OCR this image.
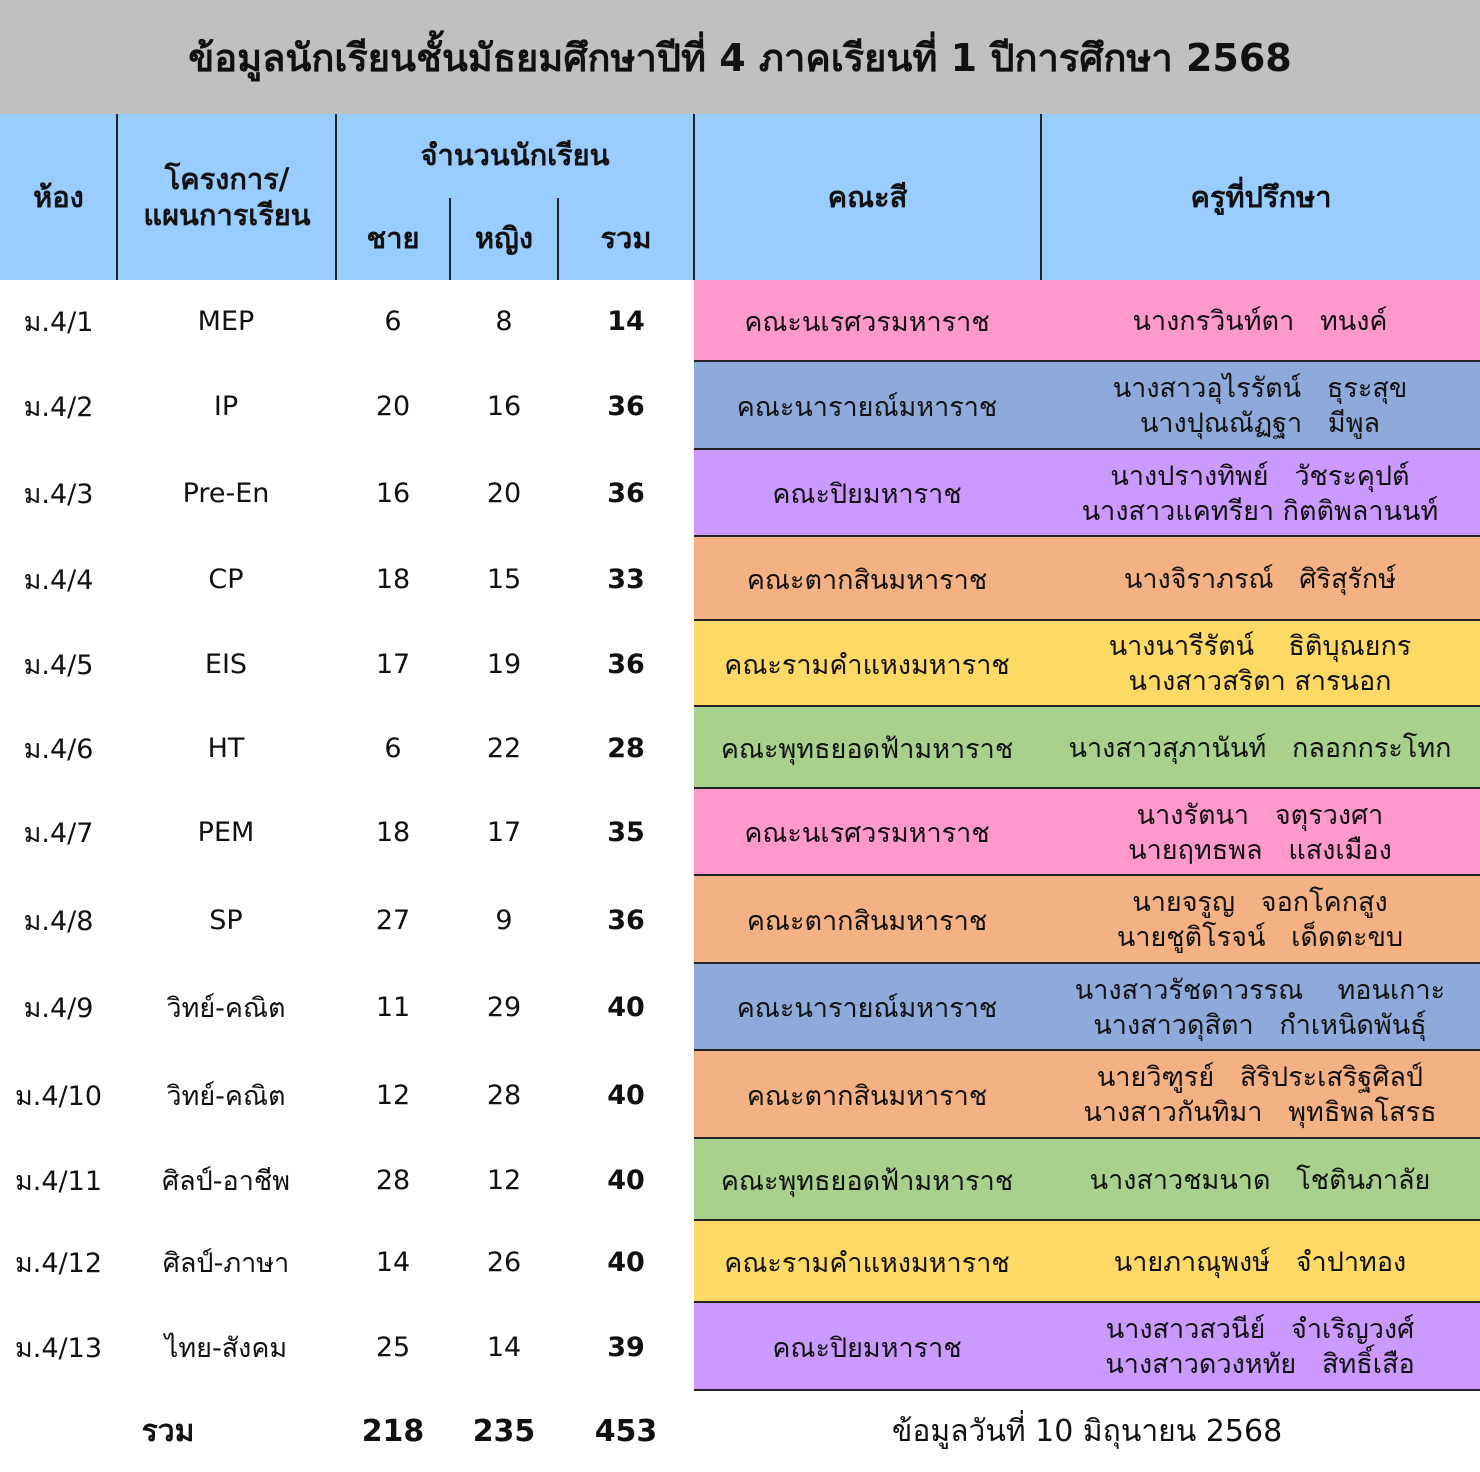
ข้อมูลนักเรียนชั้นมัธยมศึกษาปีที่ 4 ภาคเรียนที่ 1 ปีการศึกษา 2568
ห้อง
โครงการ/
แผนการเรียน
จำนวนนักเรียน
ชาย	หญิง	รวม
คณะสี	ครูที่ปรึกษา
ม.4/1	MEP	6	8	14	คณะนเรศวรมหาราช	นางกรวินท์ตา   ทนงค์
ม.4/2	IP	20	16	36	คณะนารายณ์มหาราช
นางสาวอุไรรัตน์   ธุระสุข
นางปุณณัฏฐา   มีพูล
ม.4/3	Pre-En	16	20	36	คณะปิยมหาราช
นางปรางทิพย์   วัชระคุปต์
นางสาวแคทรียา กิตติพลานนท์
ม.4/4	CP	18	15	33	คณะตากสินมหาราช	นางจิราภรณ์   ศิริสุรักษ์
ม.4/5	EIS	17	19	36	คณะรามคำแหงมหาราช
นางนารีรัตน์    ธิติบุณยกร
นางสาวสริตา สารนอก
ม.4/6	HT	6	22	28	คณะพุทธยอดฟ้ามหาราช	นางสาวสุภานันท์   กลอกกระโทก
ม.4/7	PEM	18	17	35	คณะนเรศวรมหาราช
นางรัตนา   จตุรวงศา
นายฤทธพล   แสงเมือง
ม.4/8	SP	27	9	36	คณะตากสินมหาราช
นายจรูญ   จอกโคกสูง
นายชูติโรจน์   เด็ดตะขบ
ม.4/9	วิทย์-คณิต	11	29	40	คณะนารายณ์มหาราช
นางสาวรัชดาวรรณ    ทอนเกาะ
นางสาวดุสิตา   กำเหนิดพันธุ์
ม.4/10	วิทย์-คณิต	12	28	40	คณะตากสินมหาราช
นายวิฑูรย์   สิริประเสริฐศิลป์
นางสาวกันทิมา   พุทธิพลโสรธ
ม.4/11	ศิลป์-อาชีพ	28	12	40	คณะพุทธยอดฟ้ามหาราช	นางสาวชมนาด   โชตินภาลัย
ม.4/12	ศิลป์-ภาษา	14	26	40	คณะรามคำแหงมหาราช	นายภาณุพงษ์   จำปาทอง
ม.4/13	ไทย-สังคม	25	14	39	คณะปิยมหาราช
นางสาวสวนีย์   จำเริญวงศ์
นางสาวดวงหทัย   สิทธิ์เสือ
รวม	218	235	453	ข้อมูลวันที่ 10 มิถุนายน 2568
